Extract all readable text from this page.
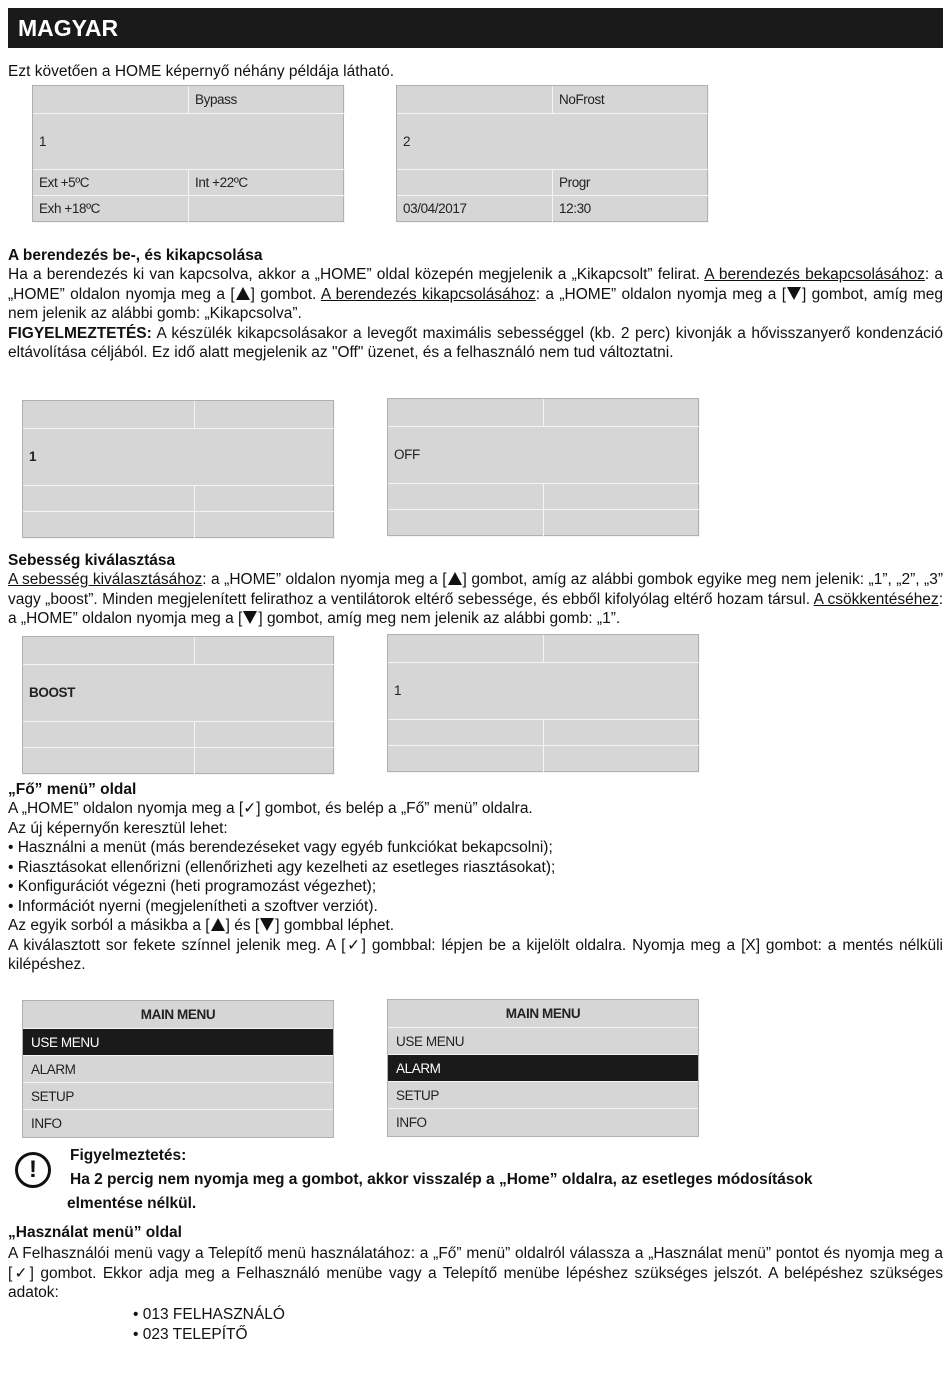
MAGYAR
Ezt követően a HOME képernyő néhány példája látható.
Bypass
1
Ext +5ºC	Int +22ºC
Exh +18ºC
NoFrost
2
Progr
03/04/2017	12:30
A berendezés be-, és kikapcsolása
Ha a berendezés ki van kapcsolva, akkor a „HOME” oldal közepén megjelenik a „Kikapcsolt” felirat. A berendezés bekapcsolásához: a „HOME” oldalon nyomja meg a [ ] gombot. A berendezés kikapcsolásához: a „HOME” oldalon nyomja meg a [ ] gombot, amíg meg nem jelenik az alábbi gomb: „Kikapcsolva”.
FIGYELMEZTETÉS: A készülék kikapcsolásakor a levegőt maximális sebességgel (kb. 2 perc) kivonják a hővisszanyerő kondenzáció eltávolítása céljából. Ez idő alatt megjelenik az "Off" üzenet, és a felhasználó nem tud változtatni.
1	OFF
Sebesség kiválasztása
A sebesség kiválasztásához: a „HOME” oldalon nyomja meg a [ ] gombot, amíg az alábbi gombok egyike meg nem jelenik: „1”, „2”, „3” vagy „boost”. Minden megjelenített felirathoz a ventilátorok eltérő sebessége, és ebből kifolyólag eltérő hozam társul. A csökkentéséhez: a „HOME” oldalon nyomja meg a [ ] gombot, amíg meg nem jelenik az alábbi gomb: „1”.
BOOST	1
„Fő” menü” oldal
A „HOME” oldalon nyomja meg a [✓] gombot, és belép a „Fő” menü” oldalra.
Az új képernyőn keresztül lehet:
• Használni a menüt (más berendezéseket vagy egyéb funkciókat bekapcsolni);
• Riasztásokat ellenőrizni (ellenőrizheti agy kezelheti az esetleges riasztásokat);
• Konfigurációt végezni (heti programozást végezhet);
• Információt nyerni (megjelenítheti a szoftver verziót).
Az egyik sorból a másikba a [ ] és [ ] gombbal léphet.
A kiválasztott sor fekete színnel jelenik meg. A [✓] gombbal: lépjen be a kijelölt oldalra. Nyomja meg a [X] gombot: a mentés nélküli kilépéshez.
MAIN MENU
USE MENU
ALARM
SETUP
INFO
MAIN MENU
USE MENU
ALARM
SETUP
INFO
!
Figyelmeztetés:
Ha 2 percig nem nyomja meg a gombot, akkor visszalép a „Home” oldalra, az esetleges módosítások
elmentése nélkül.
„Használat menü” oldal
A Felhasználói menü vagy a Telepítő menü használatához: a „Fő” menü” oldalról válassza a „Használat menü” pontot és nyomja meg a [✓] gombot. Ekkor adja meg a Felhasználó menübe vagy a Telepítő menübe lépéshez szükséges jelszót. A belépéshez szükséges adatok:
• 013 FELHASZNÁLÓ
• 023 TELEPÍTŐ
